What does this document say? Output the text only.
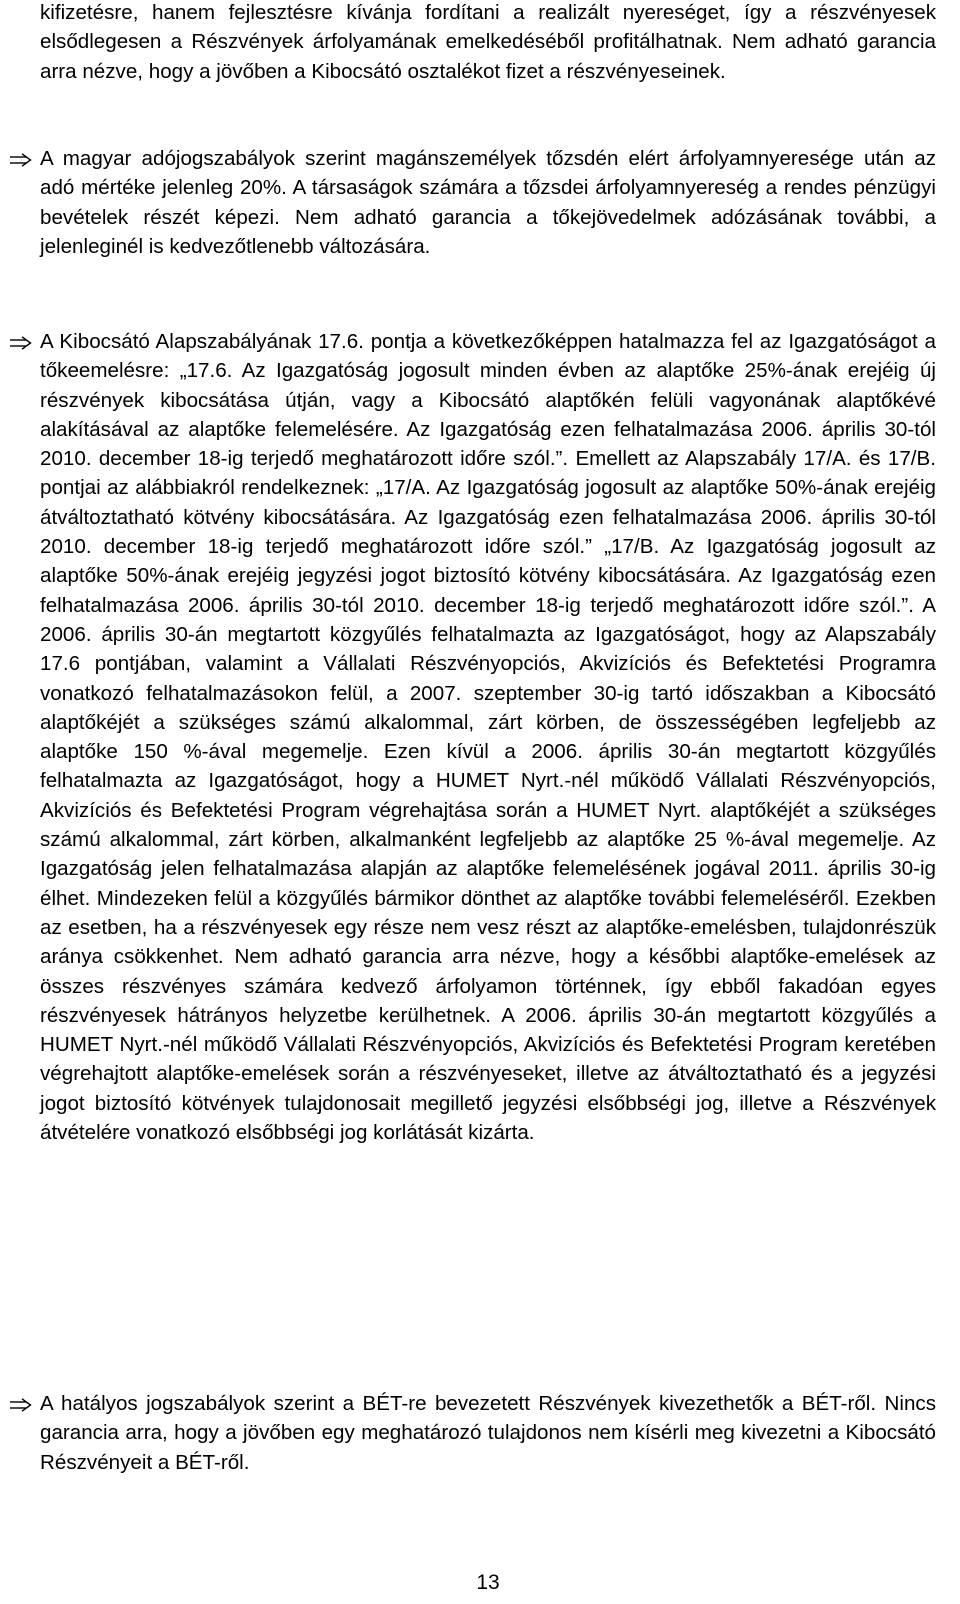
kifizetésre, hanem fejlesztésre kívánja fordítani a realizált nyereséget, így a részvényesek elsődlegesen a Részvények árfolyamának emelkedéséből profitálhatnak. Nem adható garancia arra nézve, hogy a jövőben a Kibocsátó osztalékot fizet a részvényeseinek.

A magyar adójogszabályok szerint magánszemélyek tőzsdén elért árfolyamnyeresége után az adó mértéke jelenleg 20%. A társaságok számára a tőzsdei árfolyamnyereség a rendes pénzügyi bevételek részét képezi. Nem adható garancia a tőkejövedelmek adózásának további, a jelenleginél is kedvezőtlenebb változására.

A Kibocsátó Alapszabályának 17.6. pontja a következőképpen hatalmazza fel az Igazgatóságot a tőkeemelésre: „17.6. Az Igazgatóság jogosult minden évben az alaptőke 25%-ának erejéig új részvények kibocsátása útján, vagy a Kibocsátó alaptőkén felüli vagyonának alaptőkévé alakításával az alaptőke felemelésére. Az Igazgatóság ezen felhatalmazása 2006. április 30-tól 2010. december 18-ig terjedő meghatározott időre szól.”. Emellett az Alapszabály 17/A. és 17/B. pontjai az alábbiakról rendelkeznek: „17/A. Az Igazgatóság jogosult az alaptőke 50%-ának erejéig átváltoztatható kötvény kibocsátására. Az Igazgatóság ezen felhatalmazása 2006. április 30-tól 2010. december 18-ig terjedő meghatározott időre szól.” „17/B. Az Igazgatóság jogosult az alaptőke 50%-ának erejéig jegyzési jogot biztosító kötvény kibocsátására. Az Igazgatóság ezen felhatalmazása 2006. április 30-tól 2010. december 18-ig terjedő meghatározott időre szól.”. A 2006. április 30-án megtartott közgyűlés felhatalmazta az Igazgatóságot, hogy az Alapszabály 17.6 pontjában, valamint a Vállalati Részvényopciós, Akvizíciós és Befektetési Programra vonatkozó felhatalmazásokon felül, a 2007. szeptember 30-ig tartó időszakban a Kibocsátó alaptőkéjét a szükséges számú alkalommal, zárt körben, de összességében legfeljebb az alaptőke 150 %-ával megemelje. Ezen kívül a 2006. április 30-án megtartott közgyűlés felhatalmazta az Igazgatóságot, hogy a HUMET Nyrt.-nél működő Vállalati Részvényopciós, Akvizíciós és Befektetési Program végrehajtása során a HUMET Nyrt. alaptőkéjét a szükséges számú alkalommal, zárt körben, alkalmanként legfeljebb az alaptőke 25 %-ával megemelje. Az Igazgatóság jelen felhatalmazása alapján az alaptőke felemelésének jogával 2011. április 30-ig élhet. Mindezeken felül a közgyűlés bármikor dönthet az alaptőke további felemeléséről. Ezekben az esetben, ha a részvényesek egy része nem vesz részt az alaptőke-emelésben, tulajdonrészük aránya csökkenhet. Nem adható garancia arra nézve, hogy a későbbi alaptőke-emelések az összes részvényes számára kedvező árfolyamon történnek, így ebből fakadóan egyes részvényesek hátrányos helyzetbe kerülhetnek. A 2006. április 30-án megtartott közgyűlés a HUMET Nyrt.-nél működő Vállalati Részvényopciós, Akvizíciós és Befektetési Program keretében végrehajtott alaptőke-emelések során a részvényeseket, illetve az átváltoztatható és a jegyzési jogot biztosító kötvények tulajdonosait megillető jegyzési elsőbbségi jog, illetve a Részvények átvételére vonatkozó elsőbbségi jog korlátását kizárta.

A hatályos jogszabályok szerint a BÉT-re bevezetett Részvények kivezethetők a BÉT-ről. Nincs garancia arra, hogy a jövőben egy meghatározó tulajdonos nem kísérli meg kivezetni a Kibocsátó Részvényeit a BÉT-ről.

13
